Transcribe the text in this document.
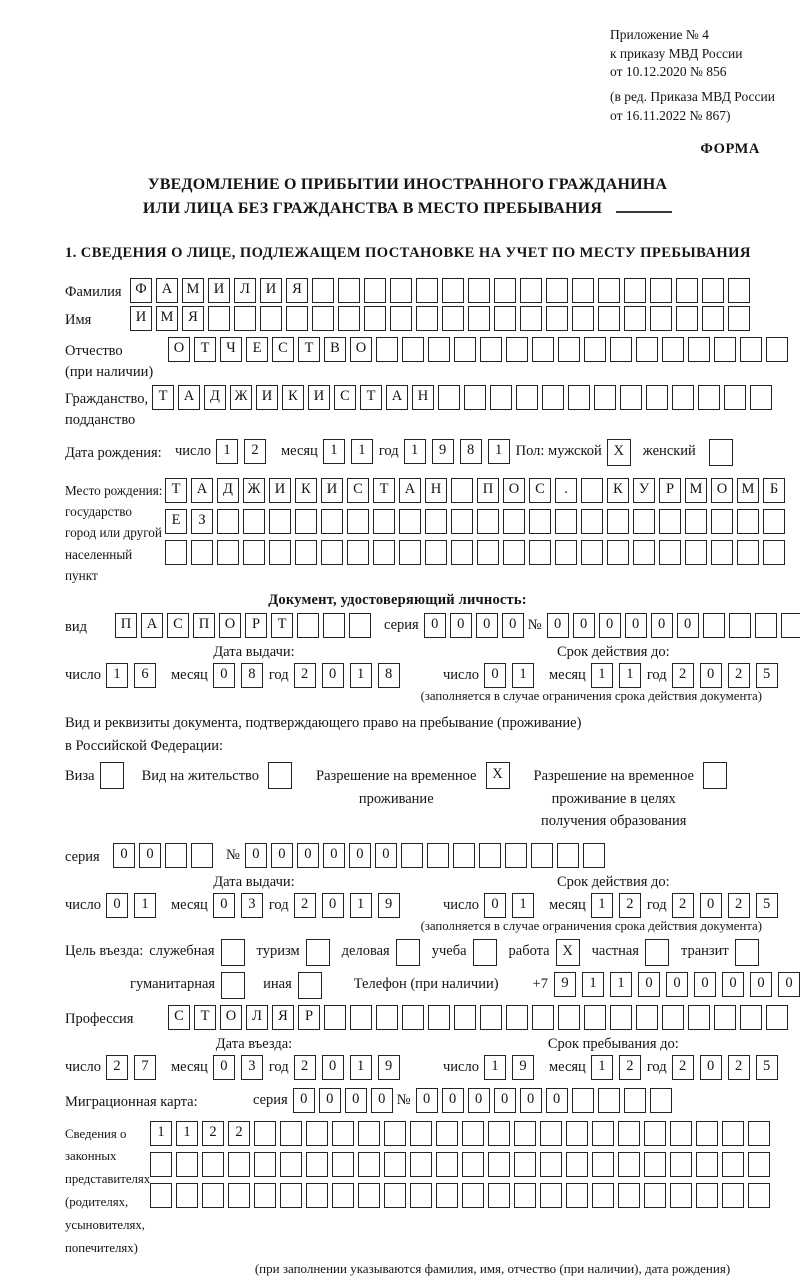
Приложение № 4
к приказу МВД России
от 10.12.2020 № 856
(в ред. Приказа МВД России
от 16.11.2022 № 867)
ФОРМА
УВЕДОМЛЕНИЕ О ПРИБЫТИИ ИНОСТРАННОГО ГРАЖДАНИНА
ИЛИ ЛИЦА БЕЗ ГРАЖДАНСТВА В МЕСТО ПРЕБЫВАНИЯ
1. СВЕДЕНИЯ О ЛИЦЕ, ПОДЛЕЖАЩЕМ ПОСТАНОВКЕ НА УЧЕТ ПО МЕСТУ ПРЕБЫВАНИЯ
Фамилия Ф	А М И	Л	И	Я
Имя	И М	Я
Отчество
(при наличии)
О	Т	Ч	Е	С	Т	В	О
Гражданство,
подданство
Т	А	Д	Ж И	К	И	С	Т	А	Н
Дата рождения: число 1	2	месяц 1	1 год 1	9	8	1 Пол: мужской X	женский
Место рождения:
государство
город или другой
населенный пункт
Т	А	Д	Ж И	К	И	С	Т	А	Н	П	О	С	.	К	У	Р	М О М	Б
Е	З
Документ, удостоверяющий личность:
вид	П	А	С	П	О	Р	Т	серия 0	0	0	0 № 0	0	0	0	0	0
Дата выдачи:
число 1	6	месяц 0	8 год 2	0	1	8
Срок действия до:
число 0	1	месяц 1	1 год 2	0	2	5
(заполняется в случае ограничения срока действия документа)
Вид и реквизиты документа, подтверждающего право на пребывание (проживание)
в Российской Федерации:
Виза	Вид на жительство	Разрешение на временное
проживание
X	Разрешение на временное
проживание в целях
получения образования
серия	0	0	№ 0	0	0	0	0	0
Дата выдачи:
число 0	1	месяц 0	3 год 2	0	1	9
Срок действия до:
число 0	1	месяц 1	2 год 2	0	2	5
(заполняется в случае ограничения срока действия документа)
Цель въезда: служебная	туризм	деловая	учеба	работа X	частная	транзит
гуманитарная	иная	Телефон (при наличии) +7 9	1	1	0	0	0	0	0	0
Профессия	С	Т	О	Л	Я	Р
Дата въезда:
число 2	7	месяц 0	3 год 2	0	1	9
Срок пребывания до:
число 1	9	месяц 1	2 год 2	0	2	5
Миграционная карта:	серия 0	0	0	0 № 0	0	0	0	0	0
Сведения о
законных
представителях
(родителях,
усыновителях,
попечителях)
1	1	2	2
(при заполнении указываются фамилия, имя, отчество (при наличии), дата рождения)
